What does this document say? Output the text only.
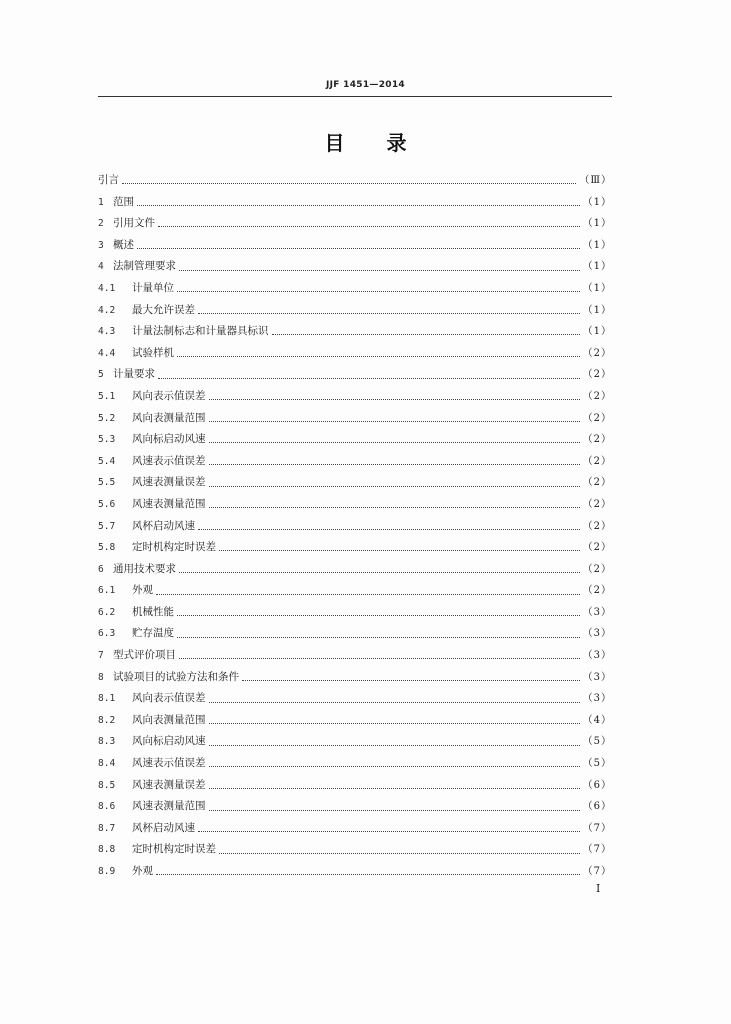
JJF 1451—2014
目 录
引言	（Ⅲ）
1 范围	（1）
2 引用文件	（1）
3 概述	（1）
4 法制管理要求	（1）
4.1	计量单位	（1）
4.2	最大允许误差	（1）
4.3	计量法制标志和计量器具标识	（1）
4.4	试验样机	（2）
5 计量要求	（2）
5.1	风向表示值误差	（2）
5.2	风向表测量范围	（2）
5.3	风向标启动风速	（2）
5.4	风速表示值误差	（2）
5.5	风速表测量误差	（2）
5.6	风速表测量范围	（2）
5.7	风杯启动风速	（2）
5.8	定时机构定时误差	（2）
6 通用技术要求	（2）
6.1	外观	（2）
6.2	机械性能	（3）
6.3	贮存温度	（3）
7 型式评价项目	（3）
8 试验项目的试验方法和条件	（3）
8.1	风向表示值误差	（3）
8.2	风向表测量范围	（4）
8.3	风向标启动风速	（5）
8.4	风速表示值误差	（5）
8.5	风速表测量误差	（6）
8.6	风速表测量范围	（6）
8.7	风杯启动风速	（7）
8.8	定时机构定时误差	（7）
8.9	外观	（7）
I
